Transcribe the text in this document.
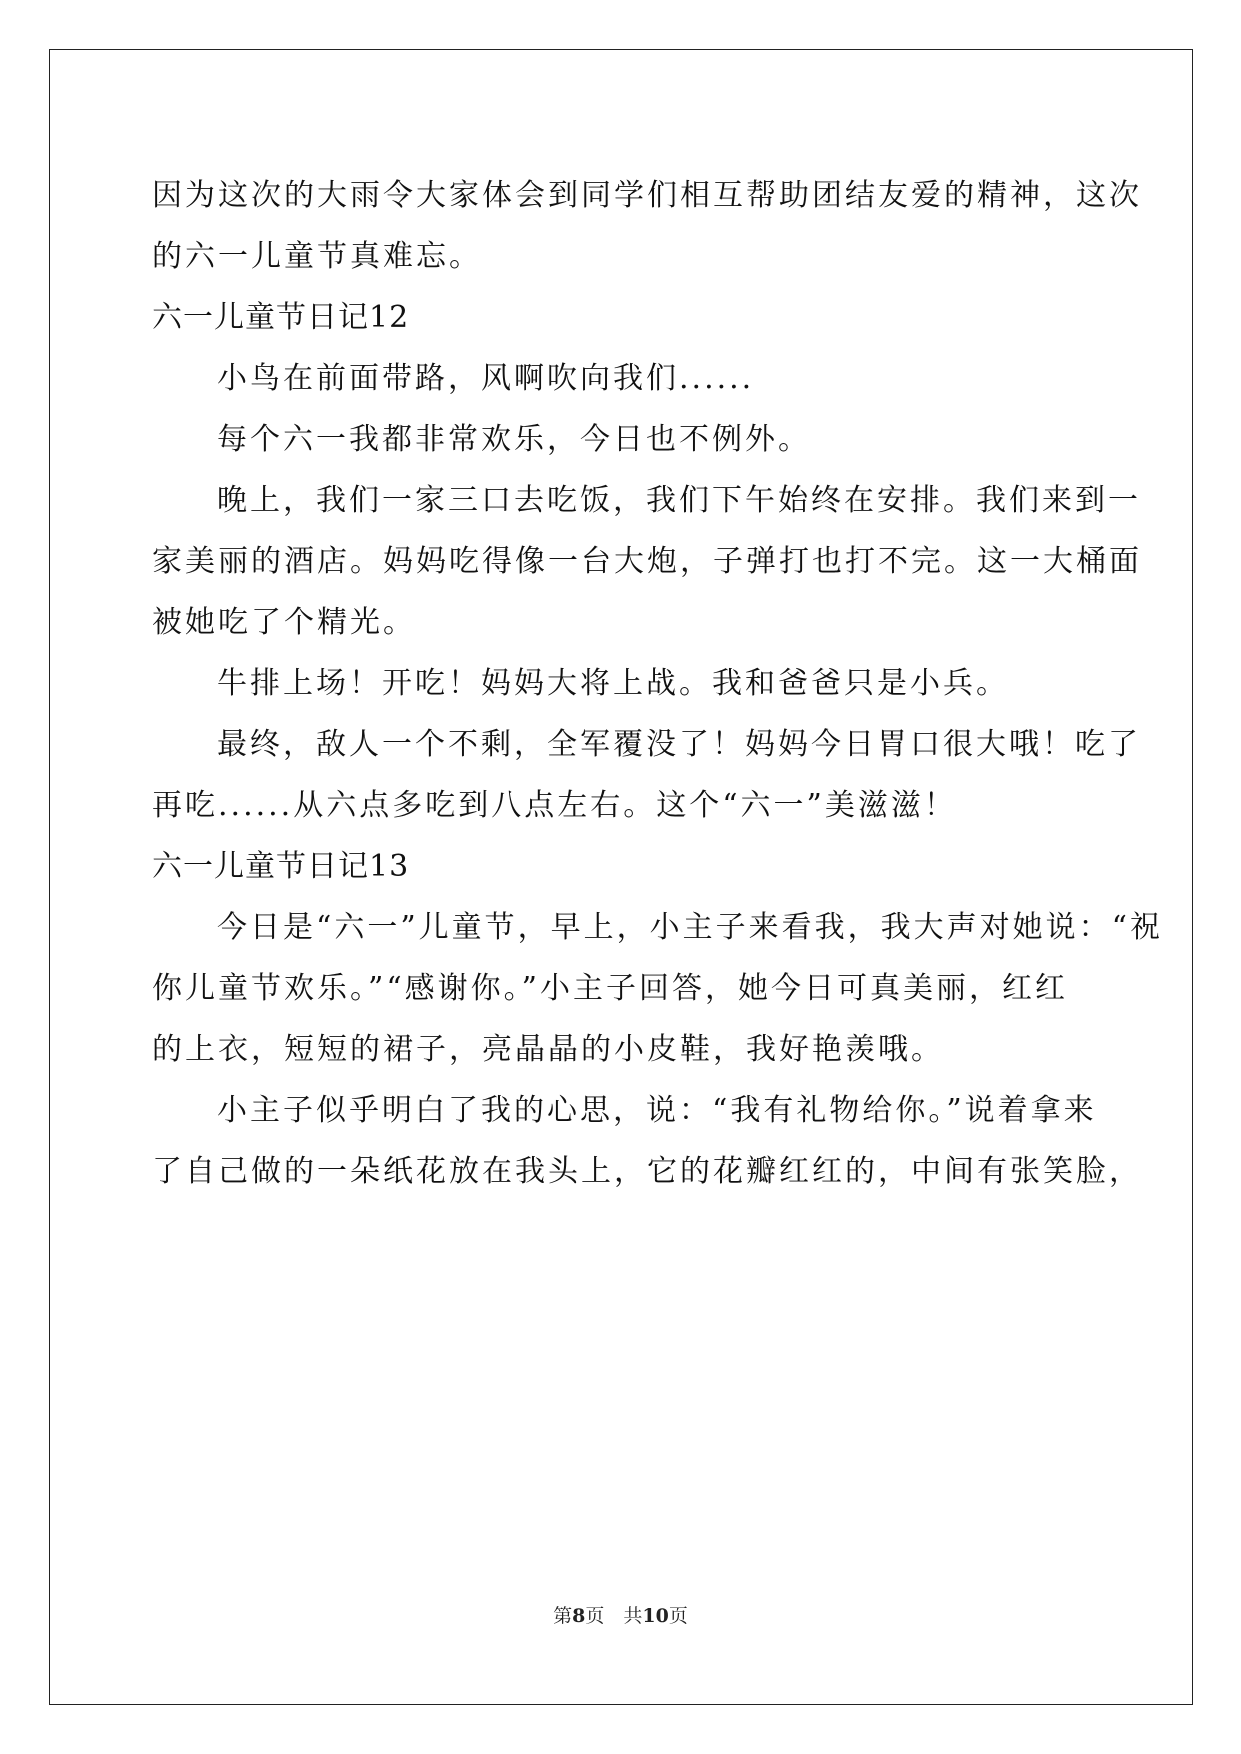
因为这次的大雨令大家体会到同学们相互帮助团结友爱的精神，这次
的六一儿童节真难忘。
六一儿童节日记12
小鸟在前面带路，风啊吹向我们......
每个六一我都非常欢乐，今日也不例外。
晚上，我们一家三口去吃饭，我们下午始终在安排。我们来到一
家美丽的酒店。妈妈吃得像一台大炮，子弹打也打不完。这一大桶面
被她吃了个精光。
牛排上场！开吃！妈妈大将上战。我和爸爸只是小兵。
最终，敌人一个不剩，全军覆没了！妈妈今日胃口很大哦！吃了
再吃......从六点多吃到八点左右。这个“六一”美滋滋！
六一儿童节日记13
今日是“六一”儿童节，早上，小主子来看我，我大声对她说：“祝
你儿童节欢乐。”“感谢你。”小主子回答，她今日可真美丽，红红
的上衣，短短的裙子，亮晶晶的小皮鞋，我好艳羡哦。
小主子似乎明白了我的心思，说：“我有礼物给你。”说着拿来
了自己做的一朵纸花放在我头上，它的花瓣红红的，中间有张笑脸，
第8页　共10页
